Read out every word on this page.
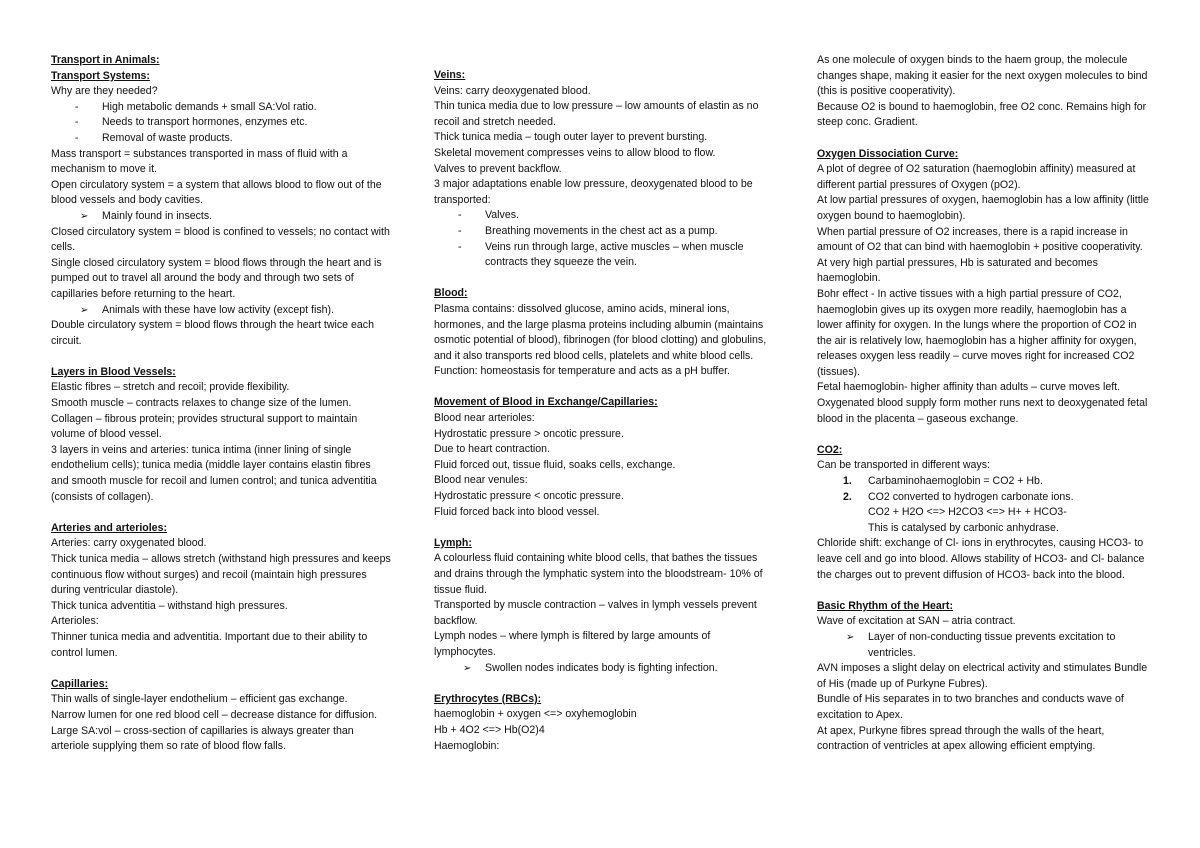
Transport in Animals:

Transport Systems:

Why are they needed?

- High metabolic demands + small SA:Vol ratio.
- Needs to transport hormones, enzymes etc.
- Removal of waste products.

Mass transport = substances transported in mass of fluid with a mechanism to move it.

Open circulatory system = a system that allows blood to flow out of the blood vessels and body cavities.

➢ Mainly found in insects.

Closed circulatory system = blood is confined to vessels; no contact with cells.

Single closed circulatory system = blood flows through the heart and is pumped out to travel all around the body and through two sets of capillaries before returning to the heart.

➢ Animals with these have low activity (except fish).

Double circulatory system = blood flows through the heart twice each circuit.

Layers in Blood Vessels:

Elastic fibres – stretch and recoil; provide flexibility.

Smooth muscle – contracts relaxes to change size of the lumen.

Collagen – fibrous protein; provides structural support to maintain volume of blood vessel.

3 layers in veins and arteries: tunica intima (inner lining of single endothelium cells); tunica media (middle layer contains elastin fibres and smooth muscle for recoil and lumen control; and tunica adventitia (consists of collagen).

Arteries and arterioles:

Arteries: carry oxygenated blood.

Thick tunica media – allows stretch (withstand high pressures and keeps continuous flow without surges) and recoil (maintain high pressures during ventricular diastole).

Thick tunica adventitia – withstand high pressures.

Arterioles:

Thinner tunica media and adventitia. Important due to their ability to control lumen.

Capillaries:

Thin walls of single-layer endothelium – efficient gas exchange.

Narrow lumen for one red blood cell – decrease distance for diffusion.

Large SA:vol – cross-section of capillaries is always greater than arteriole supplying them so rate of blood flow falls.

Veins:

Veins: carry deoxygenated blood.

Thin tunica media due to low pressure – low amounts of elastin as no recoil and stretch needed.

Thick tunica media – tough outer layer to prevent bursting.

Skeletal movement compresses veins to allow blood to flow.

Valves to prevent backflow.

3 major adaptations enable low pressure, deoxygenated blood to be transported:

- Valves.
- Breathing movements in the chest act as a pump.
- Veins run through large, active muscles – when muscle contracts they squeeze the vein.

Blood:

Plasma contains: dissolved glucose, amino acids, mineral ions, hormones, and the large plasma proteins including albumin (maintains osmotic potential of blood), fibrinogen (for blood clotting) and globulins, and it also transports red blood cells, platelets and white blood cells.

Function: homeostasis for temperature and acts as a pH buffer.

Movement of Blood in Exchange/Capillaries:

Blood near arterioles:

Hydrostatic pressure > oncotic pressure.

Due to heart contraction.

Fluid forced out, tissue fluid, soaks cells, exchange.

Blood near venules:

Hydrostatic pressure < oncotic pressure.

Fluid forced back into blood vessel.

Lymph:

A colourless fluid containing white blood cells, that bathes the tissues and drains through the lymphatic system into the bloodstream- 10% of tissue fluid.

Transported by muscle contraction – valves in lymph vessels prevent backflow.

Lymph nodes – where lymph is filtered by large amounts of lymphocytes.

➢ Swollen nodes indicates body is fighting infection.

Erythrocytes (RBCs):

haemoglobin + oxygen <=> oxyhemoglobin

Hb + 4O2 <=> Hb(O2)4

Haemoglobin:

As one molecule of oxygen binds to the haem group, the molecule changes shape, making it easier for the next oxygen molecules to bind (this is positive cooperativity).

Because O2 is bound to haemoglobin, free O2 conc. Remains high for steep conc. Gradient.

Oxygen Dissociation Curve:

A plot of degree of O2 saturation (haemoglobin affinity) measured at different partial pressures of Oxygen (pO2).

At low partial pressures of oxygen, haemoglobin has a low affinity (little oxygen bound to haemoglobin).

When partial pressure of O2 increases, there is a rapid increase in amount of O2 that can bind with haemoglobin + positive cooperativity.

At very high partial pressures, Hb is saturated and becomes haemoglobin.

Bohr effect - In active tissues with a high partial pressure of CO2, haemoglobin gives up its oxygen more readily, haemoglobin has a lower affinity for oxygen. In the lungs where the proportion of CO2 in the air is relatively low, haemoglobin has a higher affinity for oxygen, releases oxygen less readily – curve moves right for increased CO2 (tissues).

Fetal haemoglobin- higher affinity than adults – curve moves left. Oxygenated blood supply form mother runs next to deoxygenated fetal blood in the placenta – gaseous exchange.

CO2:

Can be transported in different ways:

1. Carbaminohaemoglobin = CO2 + Hb.
2. CO2 converted to hydrogen carbonate ions.

CO2 + H2O <=> H2CO3 <=> H+ + HCO3-

This is catalysed by carbonic anhydrase.

Chloride shift: exchange of Cl- ions in erythrocytes, causing HCO3- to leave cell and go into blood. Allows stability of HCO3- and Cl- balance the charges out to prevent diffusion of HCO3- back into the blood.

Basic Rhythm of the Heart:

Wave of excitation at SAN – atria contract.

➢ Layer of non-conducting tissue prevents excitation to ventricles.

AVN imposes a slight delay on electrical activity and stimulates Bundle of His (made up of Purkyne Fubres).

Bundle of His separates in to two branches and conducts wave of excitation to Apex.

At apex, Purkyne fibres spread through the walls of the heart, contraction of ventricles at apex allowing efficient emptying.
